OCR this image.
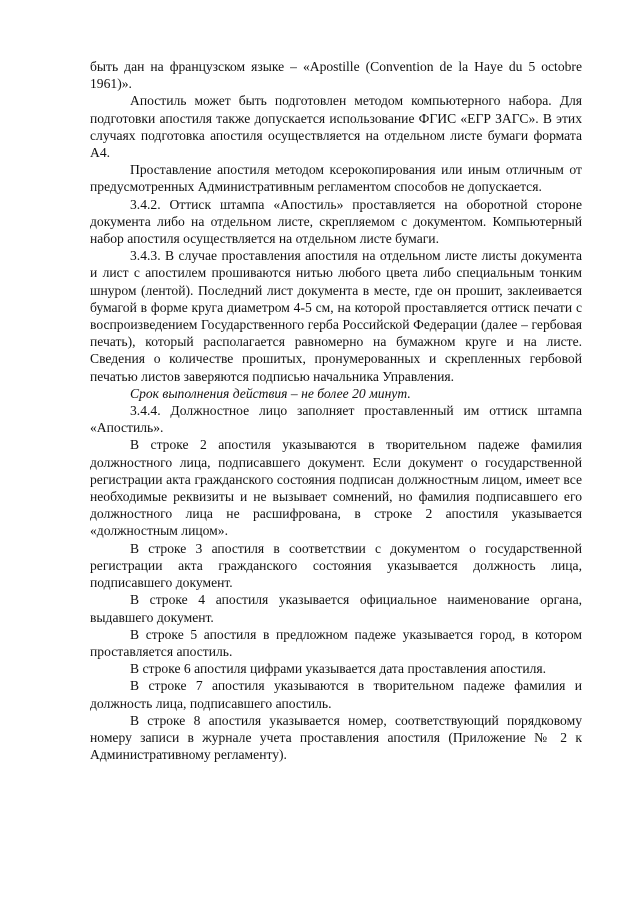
быть дан на французском языке – «Apostille (Convention de la Haye du 5 octobre 1961)».

Апостиль может быть подготовлен методом компьютерного набора. Для подготовки апостиля также допускается использование ФГИС «ЕГР ЗАГС». В этих случаях подготовка апостиля осуществляется на отдельном листе бумаги формата А4.

Проставление апостиля методом ксерокопирования или иным отличным от предусмотренных Административным регламентом способов не допускается.

3.4.2. Оттиск штампа «Апостиль» проставляется на оборотной стороне документа либо на отдельном листе, скрепляемом с документом. Компьютерный набор апостиля осуществляется на отдельном листе бумаги.

3.4.3. В случае проставления апостиля на отдельном листе листы документа и лист с апостилем прошиваются нитью любого цвета либо специальным тонким шнуром (лентой). Последний лист документа в месте, где он прошит, заклеивается бумагой в форме круга диаметром 4-5 см, на которой проставляется оттиск печати с воспроизведением Государственного герба Российской Федерации (далее – гербовая печать), который располагается равномерно на бумажном круге и на листе. Сведения о количестве прошитых, пронумерованных и скрепленных гербовой печатью листов заверяются подписью начальника Управления.

Срок выполнения действия – не более 20 минут.

3.4.4. Должностное лицо заполняет проставленный им оттиск штампа «Апостиль».

В строке 2 апостиля указываются в творительном падеже фамилия должностного лица, подписавшего документ. Если документ о государственной регистрации акта гражданского состояния подписан должностным лицом, имеет все необходимые реквизиты и не вызывает сомнений, но фамилия подписавшего его должностного лица не расшифрована, в строке 2 апостиля указывается «должностным лицом».

В строке 3 апостиля в соответствии с документом о государственной регистрации акта гражданского состояния указывается должность лица, подписавшего документ.

В строке 4 апостиля указывается официальное наименование органа, выдавшего документ.

В строке 5 апостиля в предложном падеже указывается город, в котором проставляется апостиль.

В строке 6 апостиля цифрами указывается дата проставления апостиля.

В строке 7 апостиля указываются в творительном падеже фамилия и должность лица, подписавшего апостиль.

В строке 8 апостиля указывается номер, соответствующий порядковому номеру записи в журнале учета проставления апостиля (Приложение № 2 к Административному регламенту).
